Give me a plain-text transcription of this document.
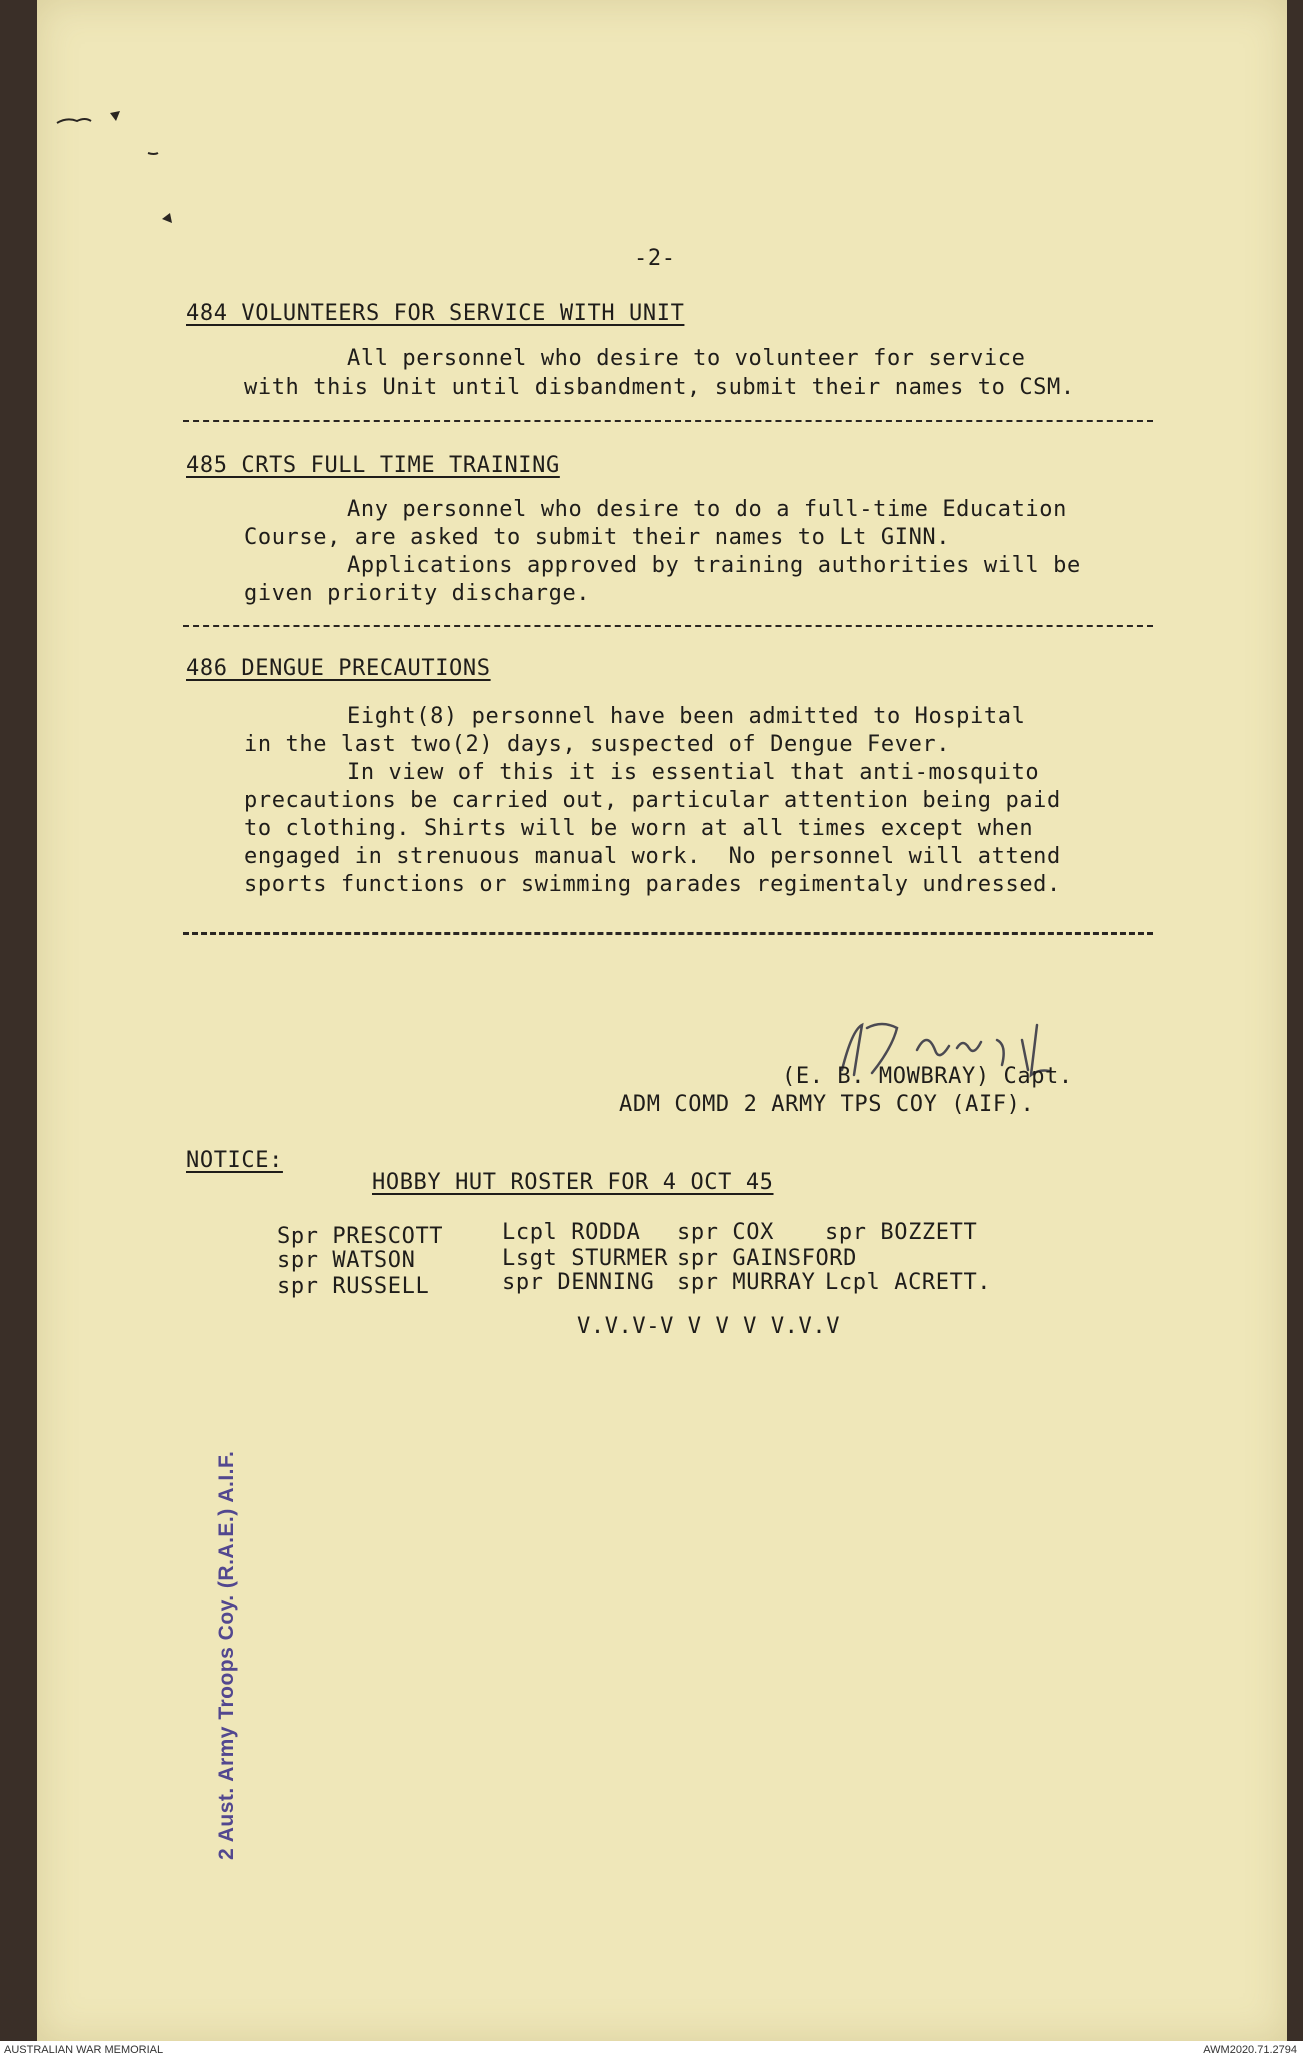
-2-
484 VOLUNTEERS FOR SERVICE WITH UNIT
All personnel who desire to volunteer for service
with this Unit until disbandment, submit their names to CSM.
485 CRTS FULL TIME TRAINING
Any personnel who desire to do a full-time Education
Course, are asked to submit their names to Lt GINN.
Applications approved by training authorities will be
given priority discharge.
486 DENGUE PRECAUTIONS
Eight(8) personnel have been admitted to Hospital
in the last two(2) days, suspected of Dengue Fever.
In view of this it is essential that anti-mosquito
precautions be carried out, particular attention being paid
to clothing. Shirts will be worn at all times except when
engaged in strenuous manual work.  No personnel will attend
sports functions or swimming parades regimentaly undressed.
(E. B. MOWBRAY) Capt.
ADM COMD 2 ARMY TPS COY (AIF).
NOTICE:
HOBBY HUT ROSTER FOR 4 OCT 45
Spr PRESCOTT	Lcpl RODDA spr COX spr BOZZETT
spr WATSON	Lsgt STURMER spr GAINSFORD
spr RUSSELL	spr DENNING spr MURRAY Lcpl ACRETT.
V.V.V-V V V V V.V.V
2 Aust. Army Troops Coy. (R.A.E.) A.I.F.
AUSTRALIAN WAR MEMORIAL	AWM2020.71.2794
